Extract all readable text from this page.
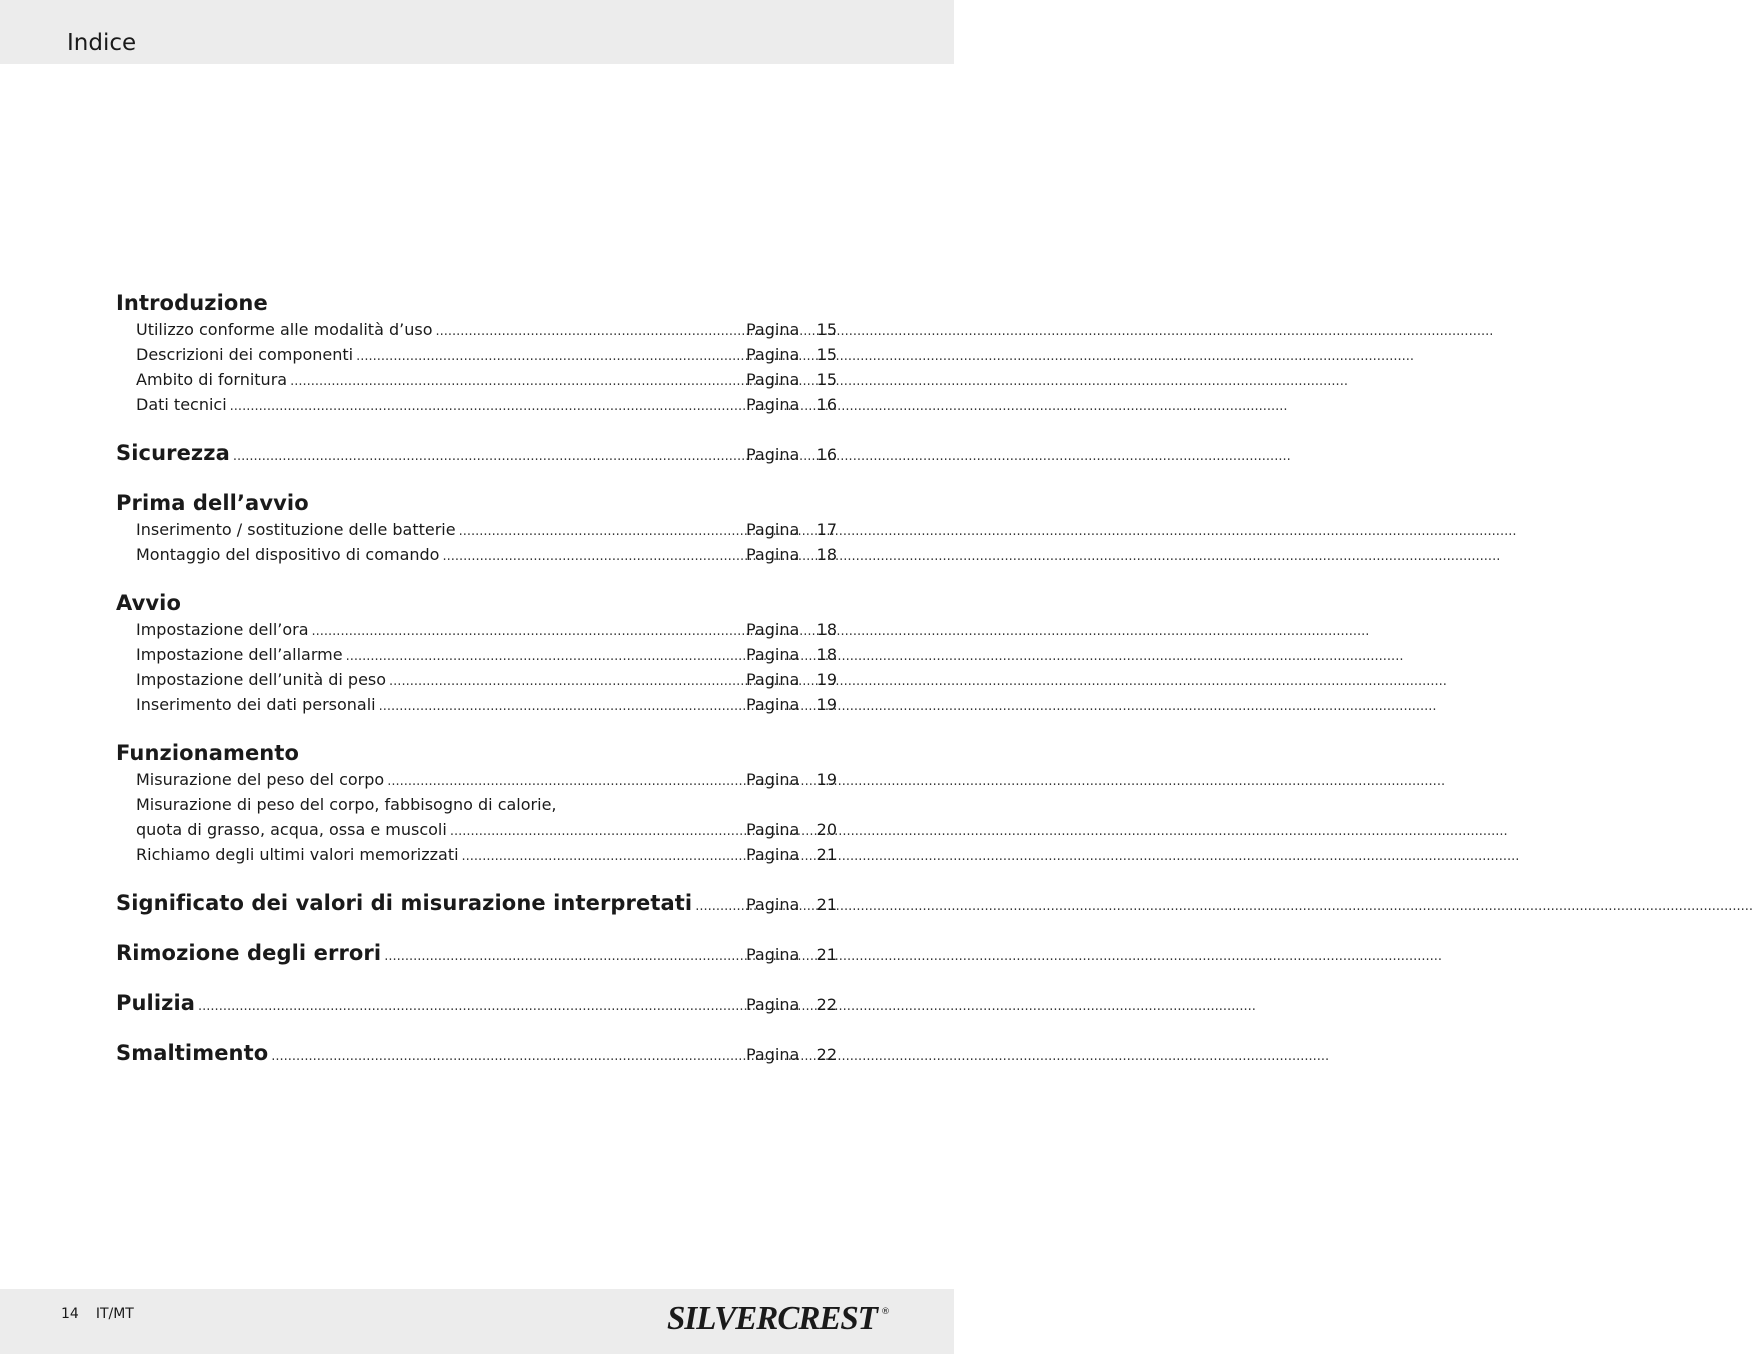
Indice
Introduzione
Utilizzo conforme alle modalità d’uso .....	Pagina	15
Descrizioni dei componenti .....	Pagina	15
Ambito di fornitura .....	Pagina	15
Dati tecnici .....	Pagina	16
Sicurezza .....	Pagina	16
Prima dell’avvio
Inserimento / sostituzione delle batterie .....	Pagina	17
Montaggio del dispositivo di comando .....	Pagina	18
Avvio
Impostazione dell’ora .....	Pagina	18
Impostazione dell’allarme .....	Pagina	18
Impostazione dell’unità di peso .....	Pagina	19
Inserimento dei dati personali .....	Pagina	19
Funzionamento
Misurazione del peso del corpo .....	Pagina	19
Misurazione di peso del corpo, fabbisogno di calorie,
quota di grasso, acqua, ossa e muscoli .....	Pagina	20
Richiamo degli ultimi valori memorizzati .....	Pagina	21
Significato dei valori di misurazione interpretati .....	Pagina	21
Rimozione degli errori .....	Pagina	21
Pulizia .....	Pagina	22
Smaltimento .....	Pagina	22
14 IT/MT	SILVERCREST ®
